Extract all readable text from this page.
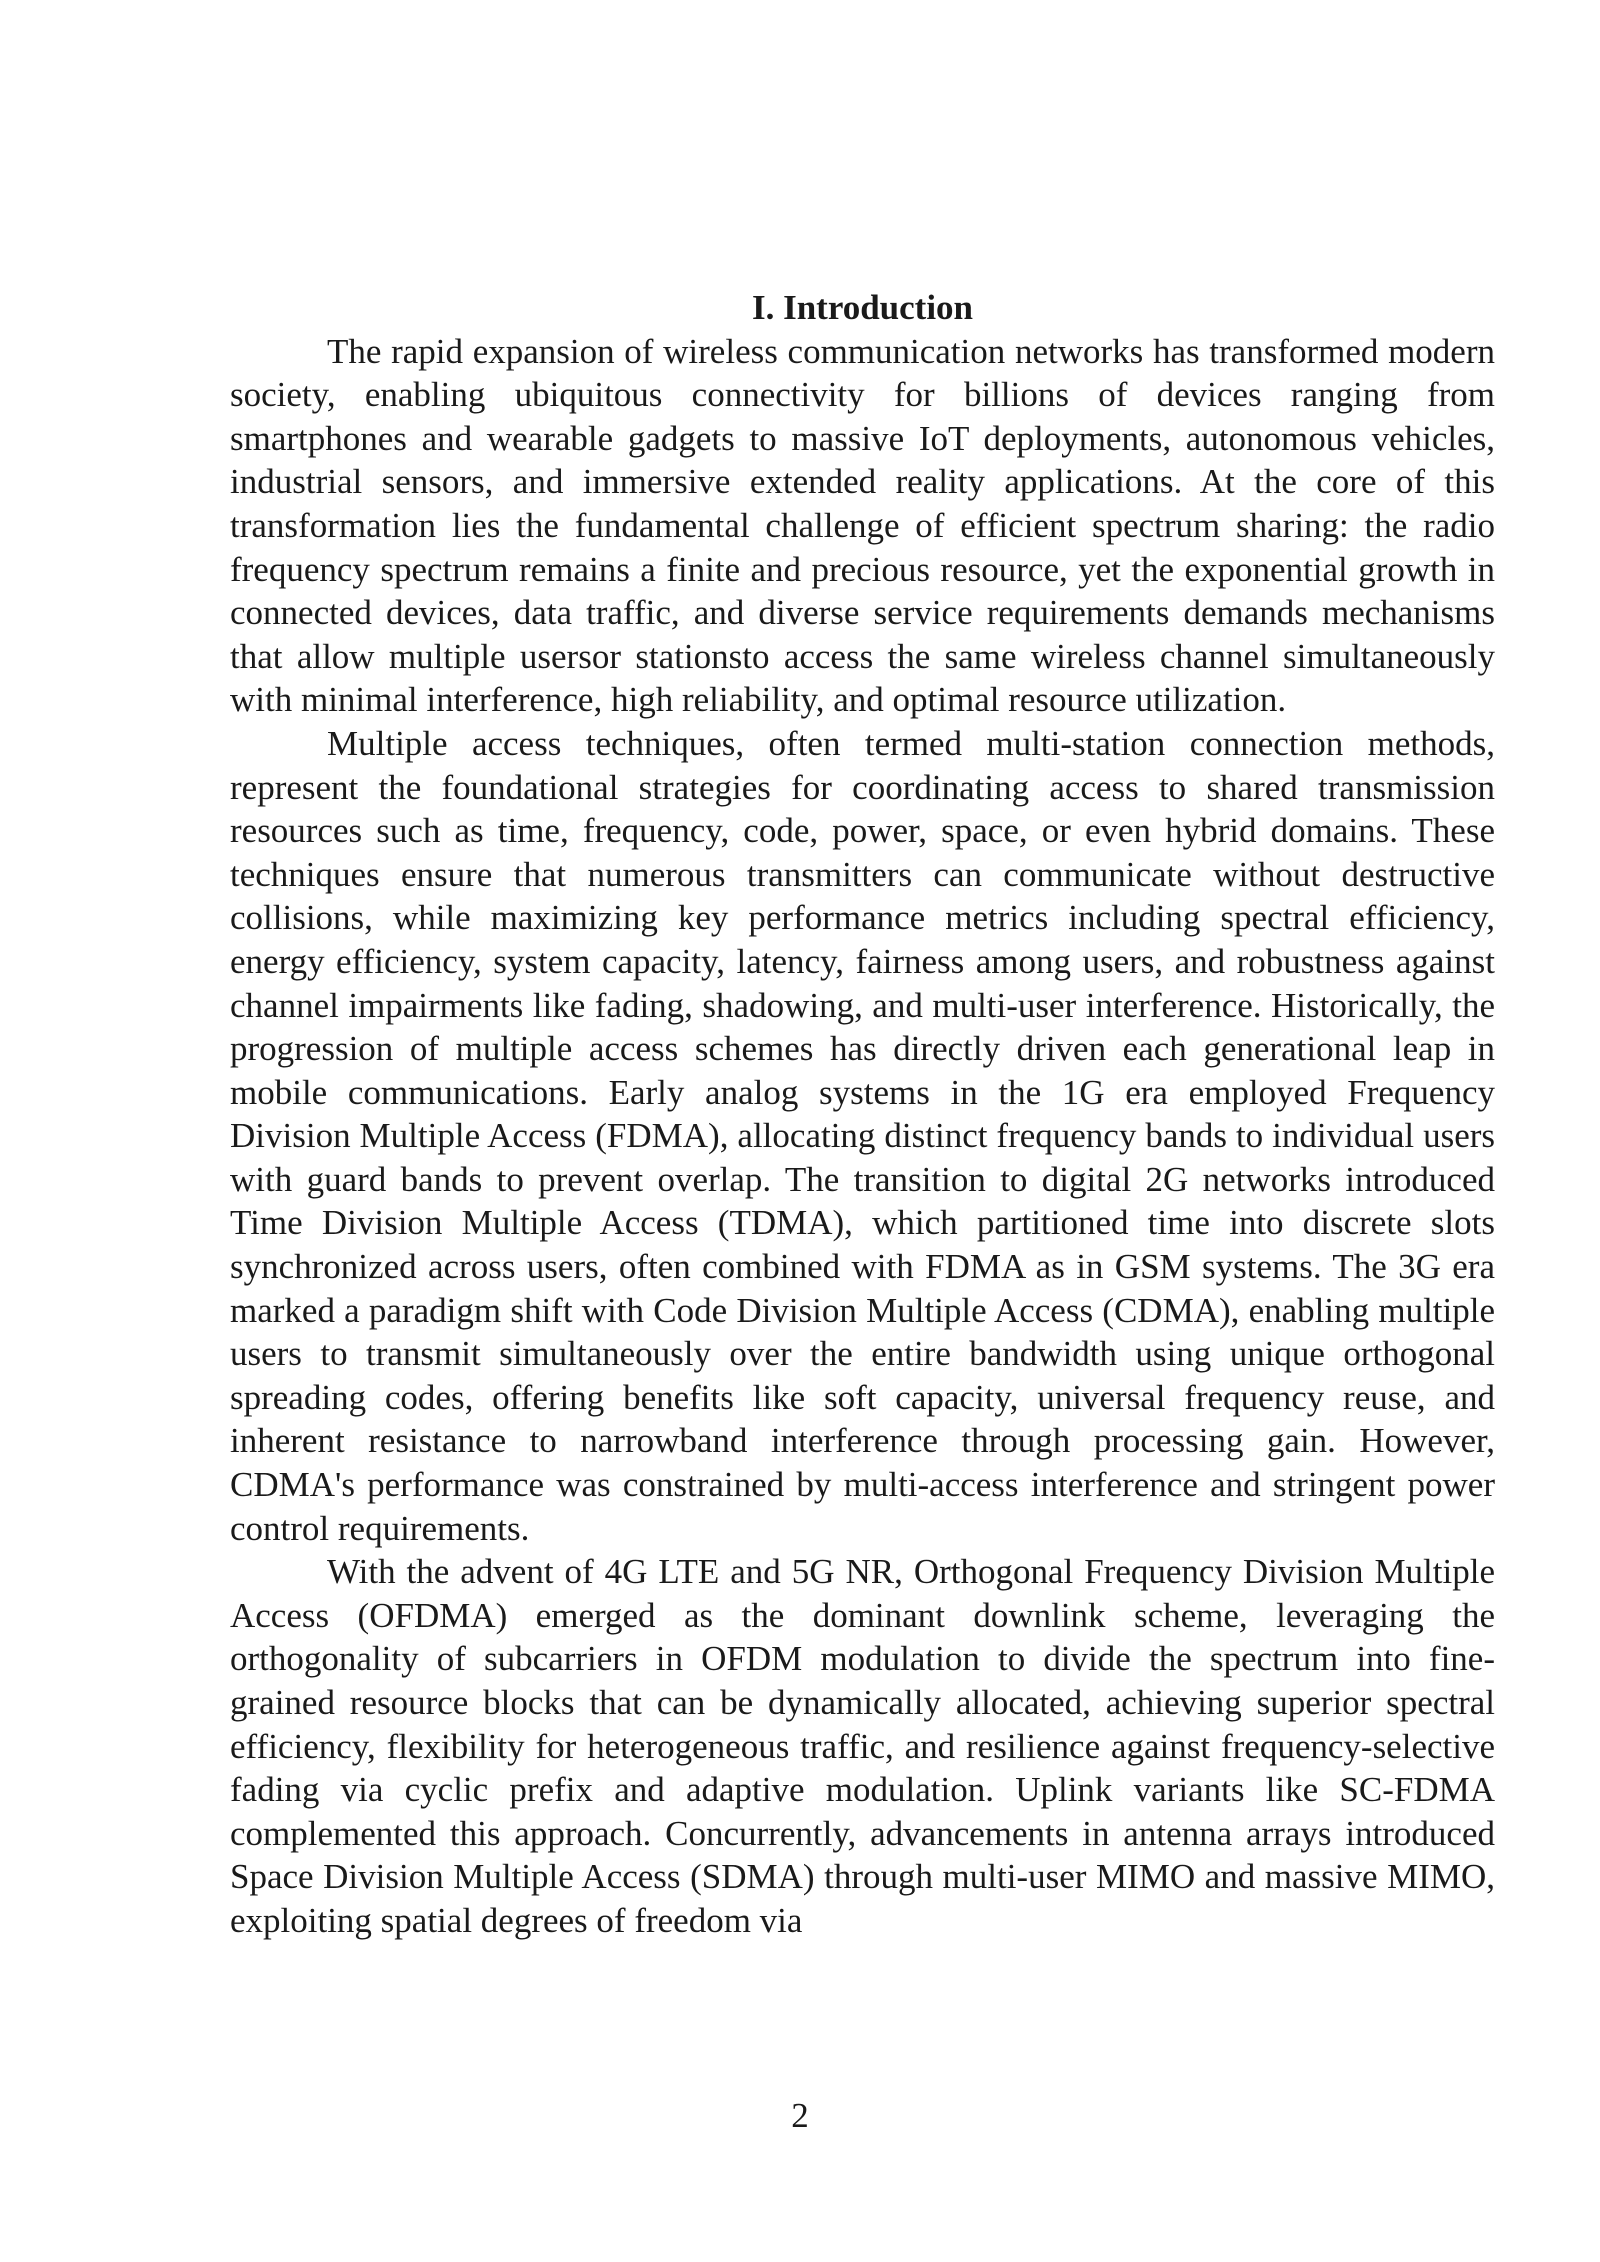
I. Introduction

The rapid expansion of wireless communication networks has transformed modern society, enabling ubiquitous connectivity for billions of devices ranging from smartphones and wearable gadgets to massive IoT deployments, autonomous vehicles, industrial sensors, and immersive extended reality applications. At the core of this transformation lies the fundamental challenge of efficient spectrum sharing: the radio frequency spectrum remains a finite and precious resource, yet the exponential growth in connected devices, data traffic, and diverse service requirements demands mechanisms that allow multiple usersor stationsto access the same wireless channel simultaneously with minimal interference, high reliability, and optimal resource utilization.

Multiple access techniques, often termed multi-station connection methods, represent the foundational strategies for coordinating access to shared transmission resources such as time, frequency, code, power, space, or even hybrid domains. These techniques ensure that numerous transmitters can communicate without destructive collisions, while maximizing key performance metrics including spectral efficiency, energy efficiency, system capacity, latency, fairness among users, and robustness against channel impairments like fading, shadowing, and multi-user interference. Historically, the progression of multiple access schemes has directly driven each generational leap in mobile communications. Early analog systems in the 1G era employed Frequency Division Multiple Access (FDMA), allocating distinct frequency bands to individual users with guard bands to prevent overlap. The transition to digital 2G networks introduced Time Division Multiple Access (TDMA), which partitioned time into discrete slots synchronized across users, often combined with FDMA as in GSM systems. The 3G era marked a paradigm shift with Code Division Multiple Access (CDMA), enabling multiple users to transmit simultaneously over the entire bandwidth using unique orthogonal spreading codes, offering benefits like soft capacity, universal frequency reuse, and inherent resistance to narrowband interference through processing gain. However, CDMA's performance was constrained by multi-access interference and stringent power control requirements.

With the advent of 4G LTE and 5G NR, Orthogonal Frequency Division Multiple Access (OFDMA) emerged as the dominant downlink scheme, leveraging the orthogonality of subcarriers in OFDM modulation to divide the spectrum into fine-grained resource blocks that can be dynamically allocated, achieving superior spectral efficiency, flexibility for heterogeneous traffic, and resilience against frequency-selective fading via cyclic prefix and adaptive modulation. Uplink variants like SC-FDMA complemented this approach. Concurrently, advancements in antenna arrays introduced Space Division Multiple Access (SDMA) through multi-user MIMO and massive MIMO, exploiting spatial degrees of freedom via

2
